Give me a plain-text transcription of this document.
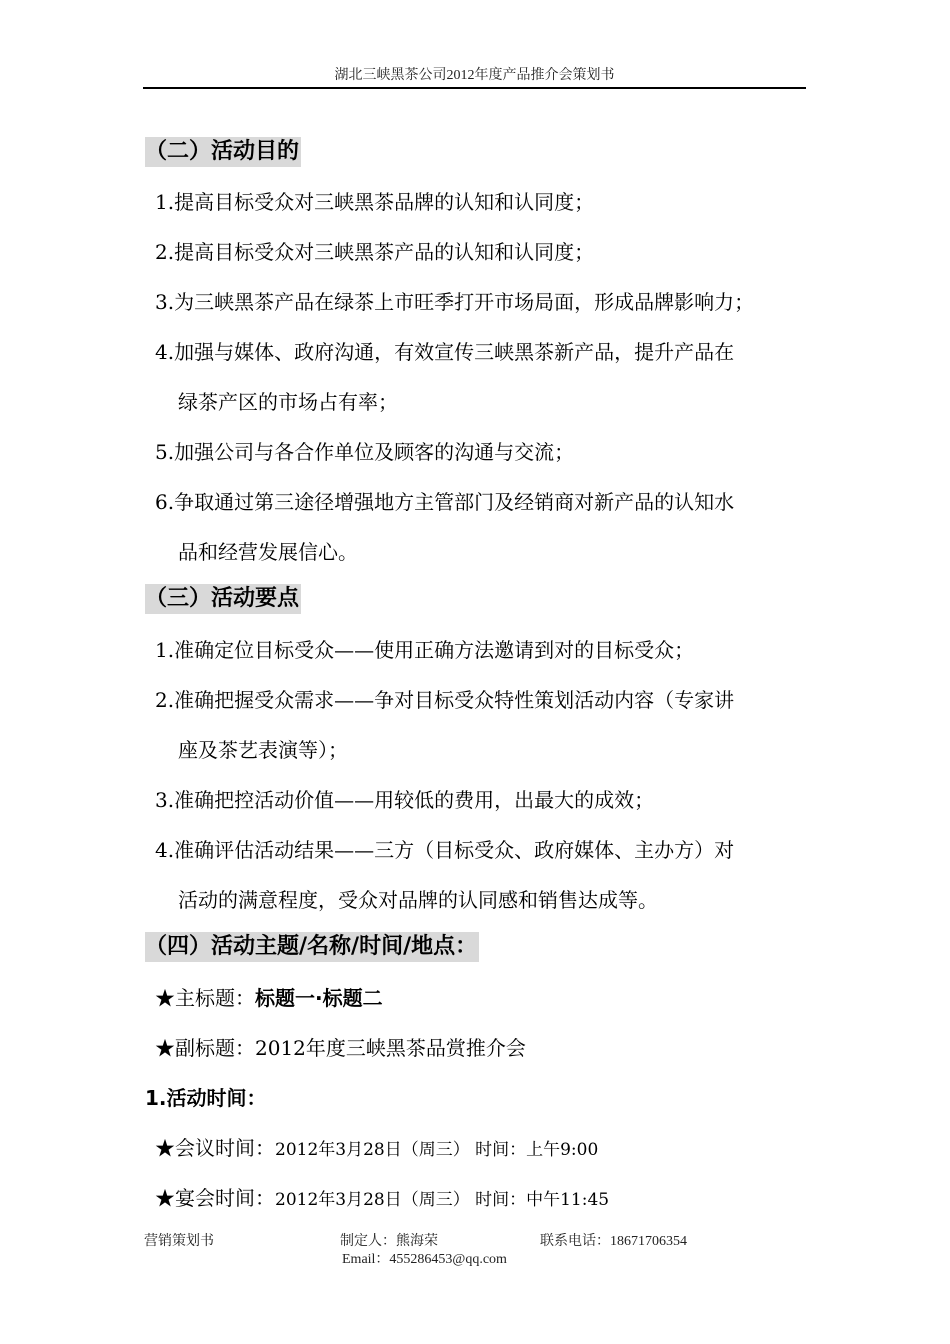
湖北三峡黑茶公司2012年度产品推介会策划书
（二）活动目的
1.提高目标受众对三峡黑茶品牌的认知和认同度；
2.提高目标受众对三峡黑茶产品的认知和认同度；
3.为三峡黑茶产品在绿茶上市旺季打开市场局面，形成品牌影响力；
4.加强与媒体、政府沟通，有效宣传三峡黑茶新产品，提升产品在
绿茶产区的市场占有率；
5.加强公司与各合作单位及顾客的沟通与交流；
6.争取通过第三途径增强地方主管部门及经销商对新产品的认知水
品和经营发展信心。
（三）活动要点
1.准确定位目标受众——使用正确方法邀请到对的目标受众；
2.准确把握受众需求——争对目标受众特性策划活动内容（专家讲
座及茶艺表演等）；
3.准确把控活动价值——用较低的费用，出最大的成效；
4.准确评估活动结果——三方（目标受众、政府媒体、主办方）对
活动的满意程度，受众对品牌的认同感和销售达成等。
（四）活动主题/名称/时间/地点：
★主标题：标题一·标题二
★副标题：2012年度三峡黑茶品赏推介会
1.活动时间：
★会议时间：2012年3月28日（周三） 时间：上午9:00
★宴会时间：2012年3月28日（周三） 时间：中午11:45
营销策划书	制定人：熊海荣	联系电话：18671706354
Email：455286453@qq.com
